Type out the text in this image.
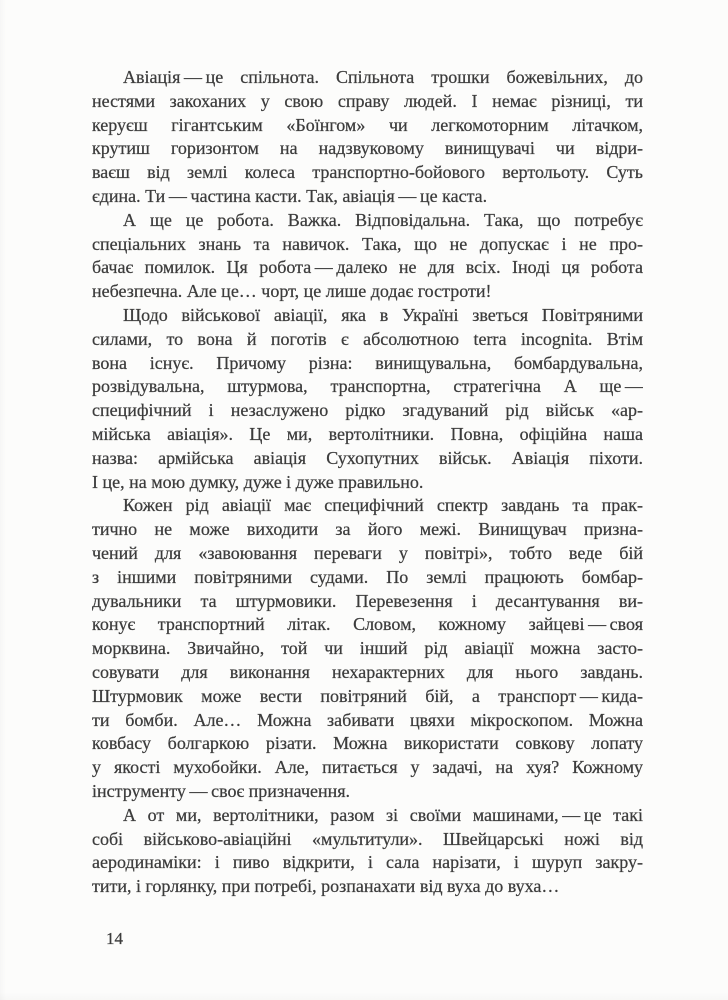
Авіація — це спільнота. Спільнота трошки божевільних, до
нестями закоханих у свою справу людей. І немає різниці, ти
керуєш гігантським «Боїнгом» чи легкомоторним літачком,
крутиш горизонтом на надзвуковому винищувачі чи відри-
ваєш від землі колеса транспортно-бойового вертольоту. Суть
єдина. Ти — частина касти. Так, авіація — це каста.
А ще це робота. Важка. Відповідальна. Така, що потребує
спеціальних знань та навичок. Така, що не допускає і не про-
бачає помилок. Ця робота — далеко не для всіх. Іноді ця робота
небезпечна. Але це… чорт, це лише додає гостроти!
Щодо військової авіації, яка в Україні зветься Повітряними
силами, то вона й поготів є абсолютною terra incognita. Втім
вона існує. Причому різна: винищувальна, бомбардувальна,
розвідувальна, штурмова, транспортна, стратегічна А ще —
специфічний і незаслужено рідко згадуваний рід військ «ар-
мійська авіація». Це ми, вертолітники. Повна, офіційна наша
назва: армійська авіація Сухопутних військ. Авіація піхоти.
І це, на мою думку, дуже і дуже правильно.
Кожен рід авіації має специфічний спектр завдань та прак-
тично не може виходити за його межі. Винищувач призна-
чений для «завоювання переваги у повітрі», тобто веде бій
з іншими повітряними судами. По землі працюють бомбар-
дувальники та штурмовики. Перевезення і десантування ви-
конує транспортний літак. Словом, кожному зайцеві — своя
морквина. Звичайно, той чи інший рід авіації можна засто-
совувати для виконання нехарактерних для нього завдань.
Штурмовик може вести повітряний бій, а транспорт — кида-
ти бомби. Але… Можна забивати цвяхи мікроскопом. Можна
ковбасу болгаркою різати. Можна використати совкову лопату
у якості мухобойки. Але, питається у задачі, на хуя? Кожному
інструменту — своє призначення.
А от ми, вертолітники, разом зі своїми машинами, — це такі
собі військово-авіаційні «мультитули». Швейцарські ножі від
аеродинаміки: і пиво відкрити, і сала нарізати, і шуруп закру-
тити, і горлянку, при потребі, розпанахати від вуха до вуха…
14
